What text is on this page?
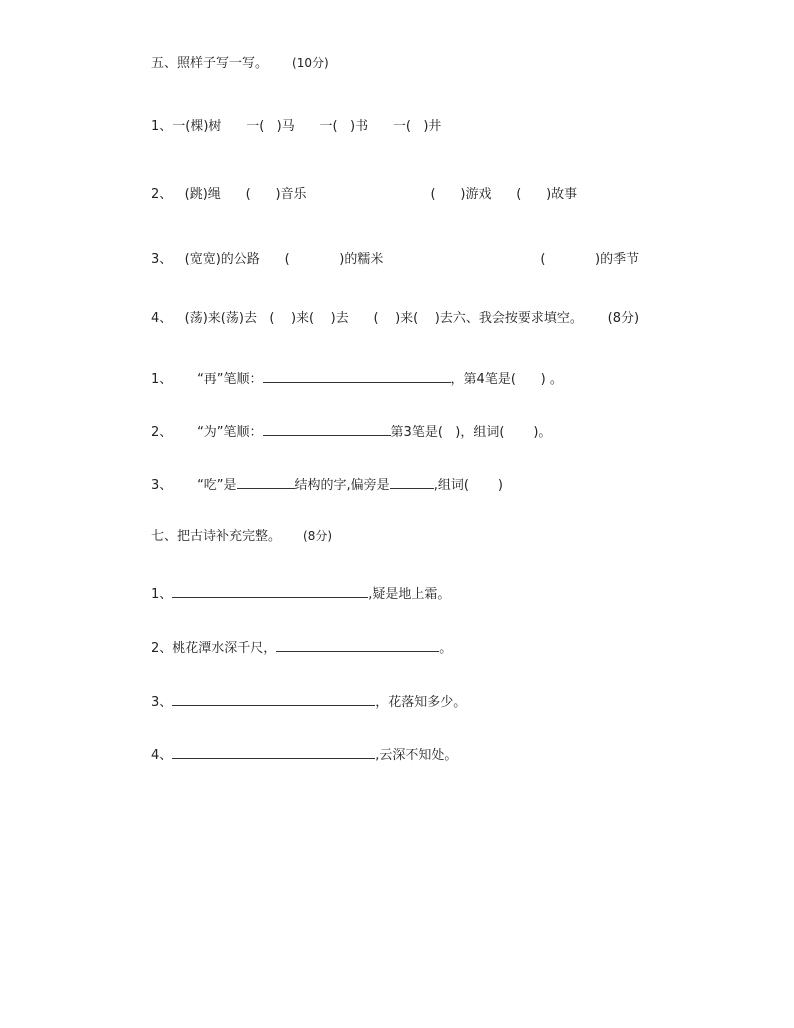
五、照样子写一写。 (10分)
1、一(棵)树      一(   )马      一(   )书      一(   )井
2、   (跳)绳      (      )音乐                              (      )游戏      (      )故事
3、   (宽宽)的公路      (            )的糯米                                      (            )的季节
4、   (荡)来(荡)去   (    )来(    )去      (    )来(    )去六、我会按要求填空。      (8分)
1、      “再”笔顺：	，第4笔是(      ) 。
2、      “为”笔顺：	第3笔是(   )，组词(       )。
3、      “吃”是	结构的字,偏旁是	,组词(       )
七、把古诗补充完整。 (8分)
1、	,疑是地上霜。
2、桃花潭水深千尺，	。
3、	，花落知多少。
4、	,云深不知处。
